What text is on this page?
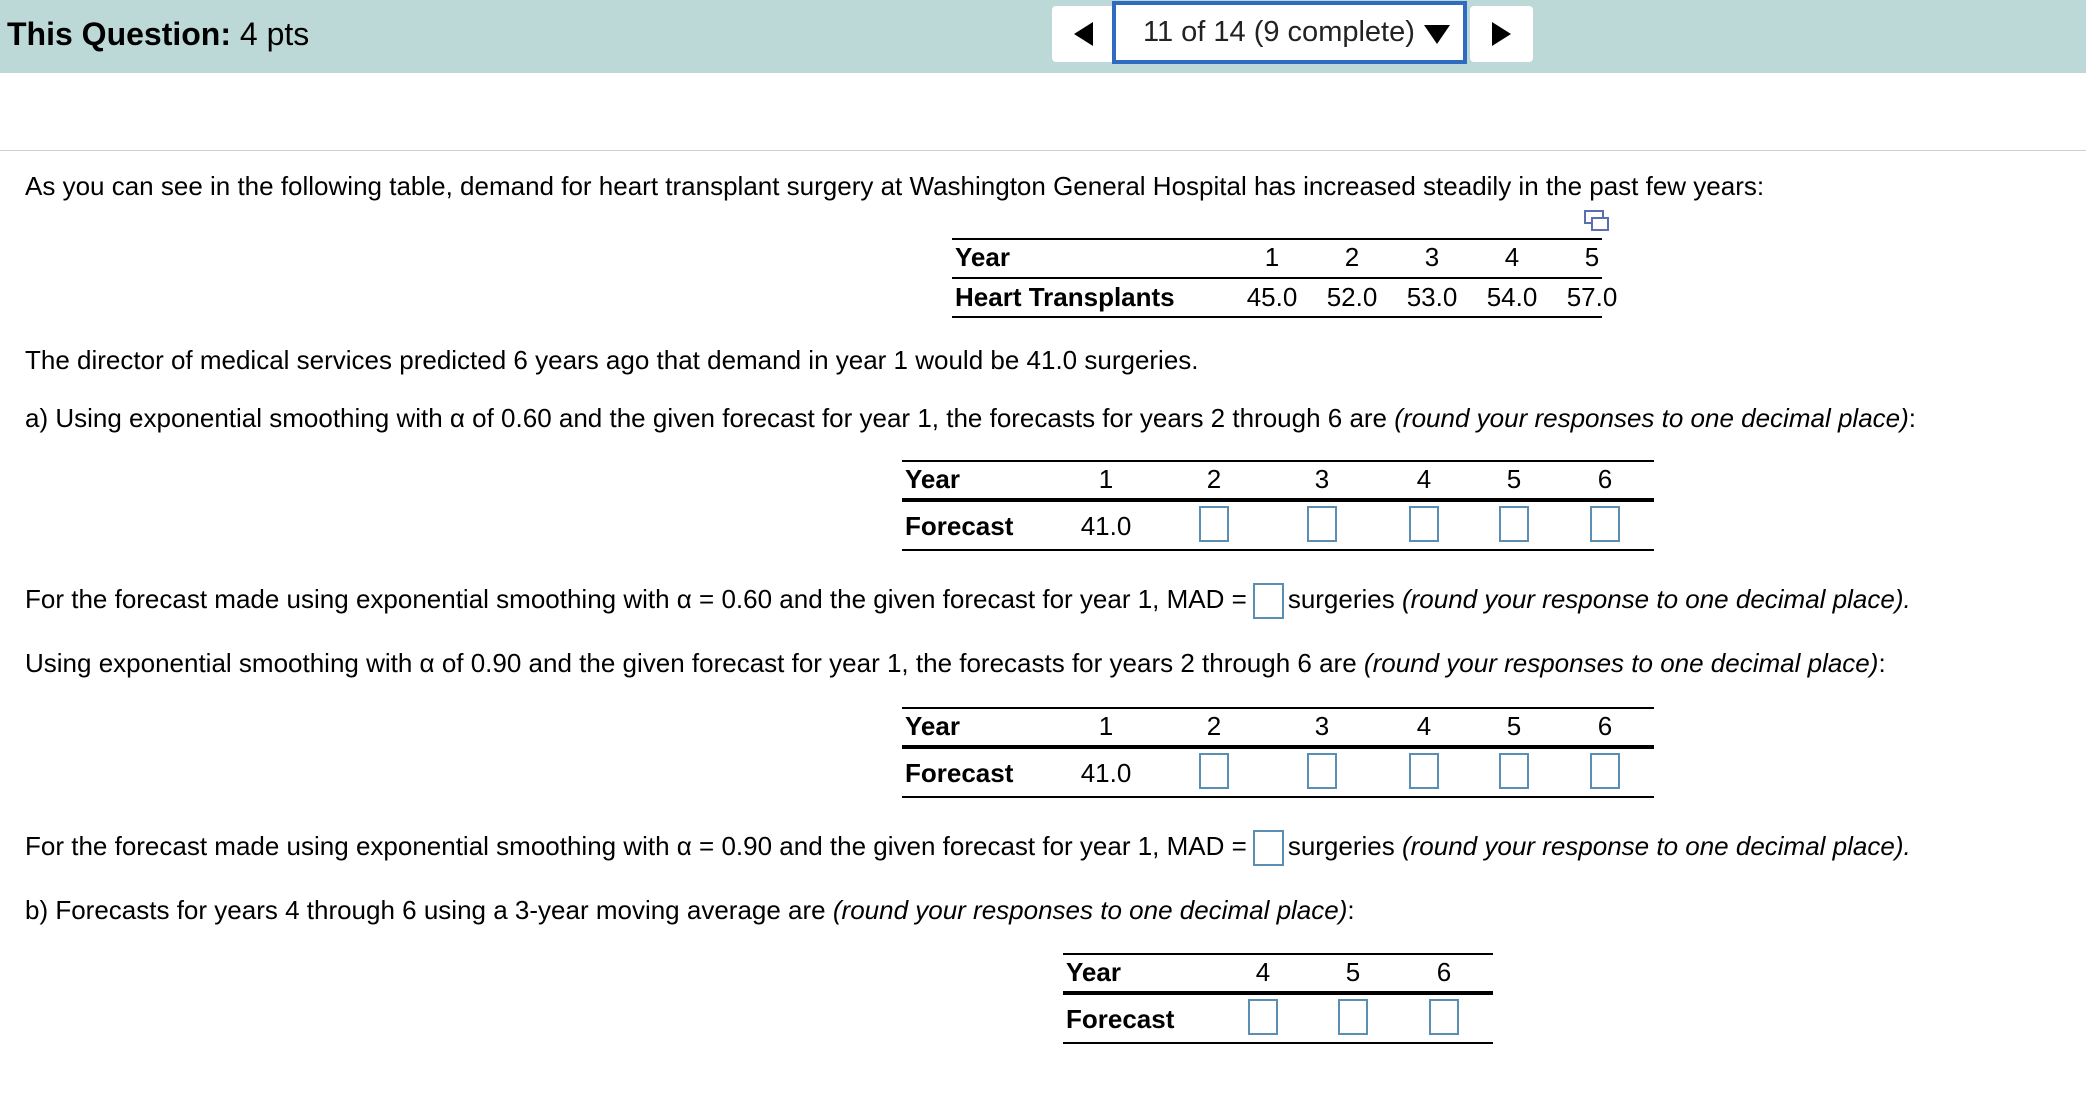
This Question: 4 pts	11 of 14 (9 complete)
As you can see in the following table, demand for heart transplant surgery at Washington General Hospital has increased steadily in the past few years:
Year	1	2	3	4	5
Heart Transplants	45.0 52.0 53.0 54.0 57.0
The director of medical services predicted 6 years ago that demand in year 1 would be 41.0 surgeries.
a) Using exponential smoothing with α of 0.60 and the given forecast for year 1, the forecasts for years 2 through 6 are (round your responses to one decimal place):
Year	1	2	3	4	5	6
Forecast	41.0
For the forecast made using exponential smoothing with α = 0.60 and the given forecast for year 1, MAD = surgeries (round your response to one decimal place).
Using exponential smoothing with α of 0.90 and the given forecast for year 1, the forecasts for years 2 through 6 are (round your responses to one decimal place):
Year	1	2	3	4	5	6
Forecast	41.0
For the forecast made using exponential smoothing with α = 0.90 and the given forecast for year 1, MAD = surgeries (round your response to one decimal place).
b) Forecasts for years 4 through 6 using a 3-year moving average are (round your responses to one decimal place):
Year	4	5	6
Forecast
